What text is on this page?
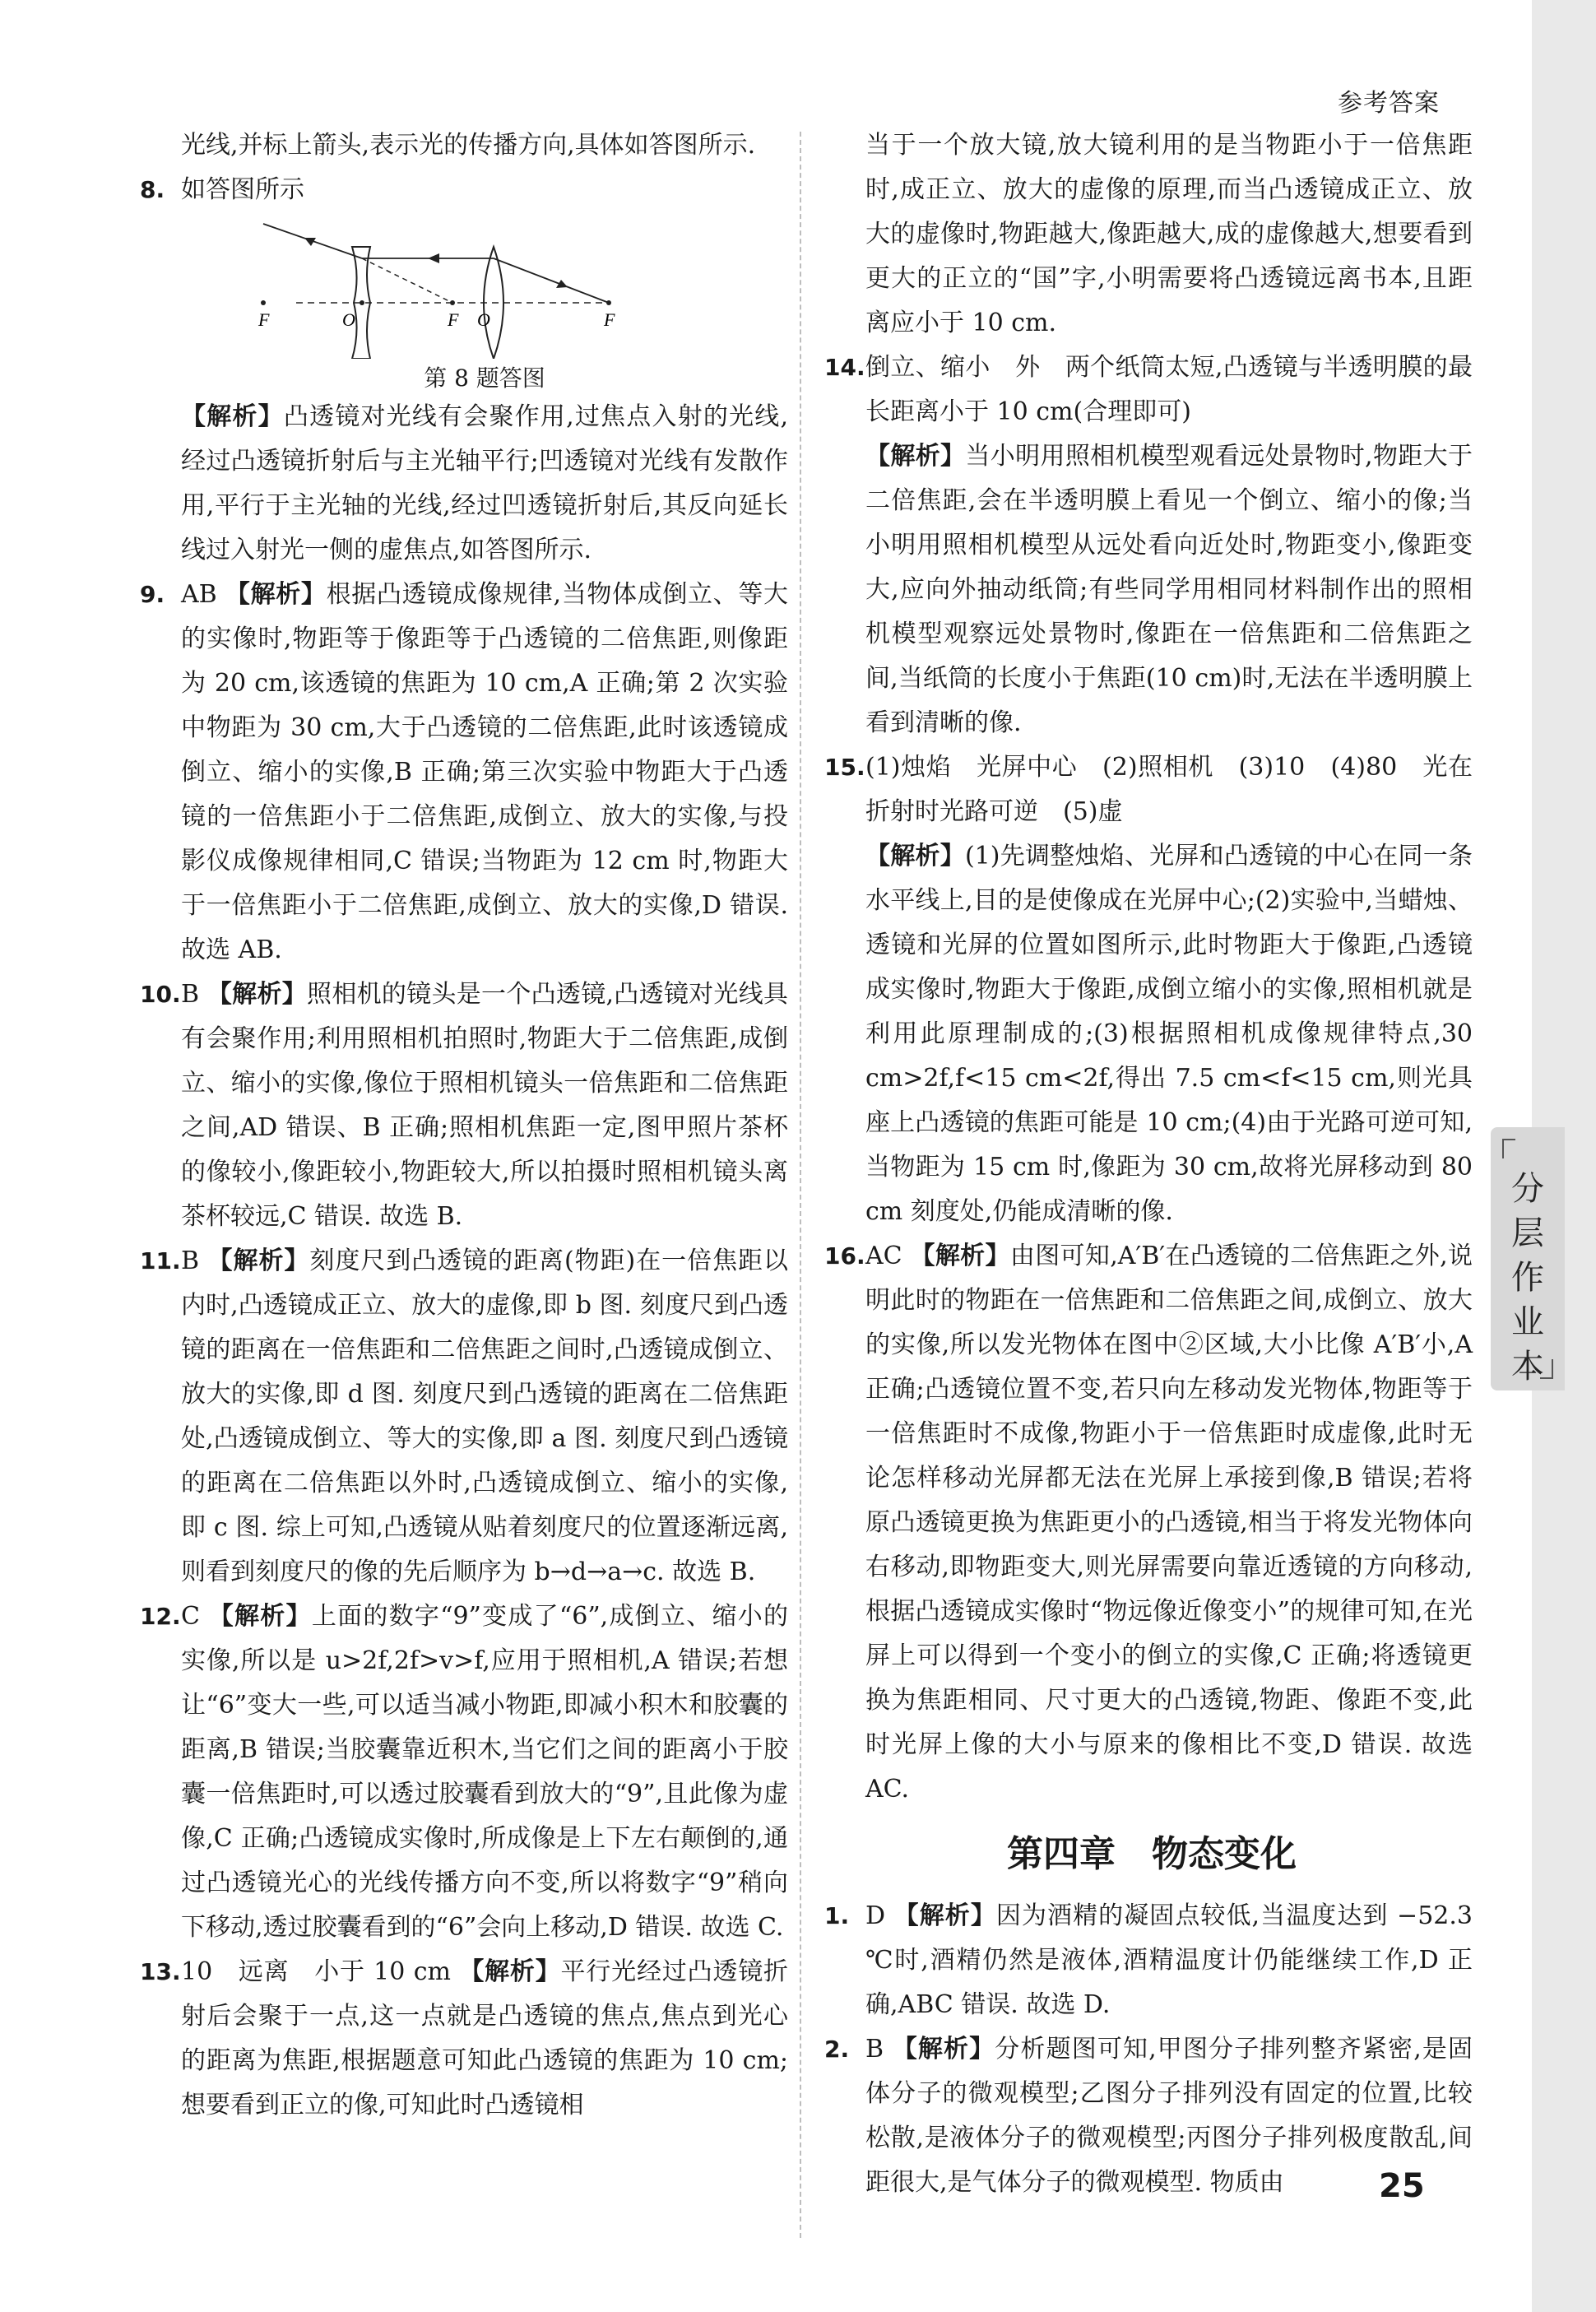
参考答案

光线,并标上箭头,表示光的传播方向,具体如答图所示.

8. 如答图所示
F	O	F O	F
第 8 题答图

【解析】凸透镜对光线有会聚作用,过焦点入射的光线,经过凸透镜折射后与主光轴平行;凹透镜对光线有发散作用,平行于主光轴的光线,经过凹透镜折射后,其反向延长线过入射光一侧的虚焦点,如答图所示.

9. AB 【解析】根据凸透镜成像规律,当物体成倒立、等大的实像时,物距等于像距等于凸透镜的二倍焦距,则像距为 20 cm,该透镜的焦距为 10 cm,A 正确;第 2 次实验中物距为 30 cm,大于凸透镜的二倍焦距,此时该透镜成倒立、缩小的实像,B 正确;第三次实验中物距大于凸透镜的一倍焦距小于二倍焦距,成倒立、放大的实像,与投影仪成像规律相同,C 错误;当物距为 12 cm 时,物距大于一倍焦距小于二倍焦距,成倒立、放大的实像,D 错误. 故选 AB.
10. B 【解析】照相机的镜头是一个凸透镜,凸透镜对光线具有会聚作用;利用照相机拍照时,物距大于二倍焦距,成倒立、缩小的实像,像位于照相机镜头一倍焦距和二倍焦距之间,AD 错误、B 正确;照相机焦距一定,图甲照片茶杯的像较小,像距较小,物距较大,所以拍摄时照相机镜头离茶杯较远,C 错误. 故选 B.
11. B 【解析】刻度尺到凸透镜的距离(物距)在一倍焦距以内时,凸透镜成正立、放大的虚像,即 b 图. 刻度尺到凸透镜的距离在一倍焦距和二倍焦距之间时,凸透镜成倒立、放大的实像,即 d 图. 刻度尺到凸透镜的距离在二倍焦距处,凸透镜成倒立、等大的实像,即 a 图. 刻度尺到凸透镜的距离在二倍焦距以外时,凸透镜成倒立、缩小的实像,即 c 图. 综上可知,凸透镜从贴着刻度尺的位置逐渐远离,则看到刻度尺的像的先后顺序为 b→d→a→c. 故选 B.
12. C 【解析】上面的数字“9”变成了“6”,成倒立、缩小的实像,所以是 u>2f,2f>v>f,应用于照相机,A 错误;若想让“6”变大一些,可以适当减小物距,即减小积木和胶囊的距离,B 错误;当胶囊靠近积木,当它们之间的距离小于胶囊一倍焦距时,可以透过胶囊看到放大的“9”,且此像为虚像,C 正确;凸透镜成实像时,所成像是上下左右颠倒的,通过凸透镜光心的光线传播方向不变,所以将数字“9”稍向下移动,透过胶囊看到的“6”会向上移动,D 错误. 故选 C.
13. 10　远离　小于 10 cm 【解析】平行光经过凸透镜折射后会聚于一点,这一点就是凸透镜的焦点,焦点到光心的距离为焦距,根据题意可知此凸透镜的焦距为 10 cm;想要看到正立的像,可知此时凸透镜相

当于一个放大镜,放大镜利用的是当物距小于一倍焦距时,成正立、放大的虚像的原理,而当凸透镜成正立、放大的虚像时,物距越大,像距越大,成的虚像越大,想要看到更大的正立的“国”字,小明需要将凸透镜远离书本,且距离应小于 10 cm.

14. 倒立、缩小　外　两个纸筒太短,凸透镜与半透明膜的最长距离小于 10 cm(合理即可)
【解析】当小明用照相机模型观看远处景物时,物距大于二倍焦距,会在半透明膜上看见一个倒立、缩小的像;当小明用照相机模型从远处看向近处时,物距变小,像距变大,应向外抽动纸筒;有些同学用相同材料制作出的照相机模型观察远处景物时,像距在一倍焦距和二倍焦距之间,当纸筒的长度小于焦距(10 cm)时,无法在半透明膜上看到清晰的像.
15. (1)烛焰　光屏中心　(2)照相机　(3)10　(4)80　光在折射时光路可逆　(5)虚
【解析】(1)先调整烛焰、光屏和凸透镜的中心在同一条水平线上,目的是使像成在光屏中心;(2)实验中,当蜡烛、透镜和光屏的位置如图所示,此时物距大于像距,凸透镜成实像时,物距大于像距,成倒立缩小的实像,照相机就是利用此原理制成的;(3)根据照相机成像规律特点,30 cm>2f,f<15 cm<2f,得出 7.5 cm<f<15 cm,则光具座上凸透镜的焦距可能是 10 cm;(4)由于光路可逆可知,当物距为 15 cm 时,像距为 30 cm,故将光屏移动到 80 cm 刻度处,仍能成清晰的像.
16. AC 【解析】由图可知,A′B′在凸透镜的二倍焦距之外,说明此时的物距在一倍焦距和二倍焦距之间,成倒立、放大的实像,所以发光物体在图中②区域,大小比像 A′B′小,A 正确;凸透镜位置不变,若只向左移动发光物体,物距等于一倍焦距时不成像,物距小于一倍焦距时成虚像,此时无论怎样移动光屏都无法在光屏上承接到像,B 错误;若将原凸透镜更换为焦距更小的凸透镜,相当于将发光物体向右移动,即物距变大,则光屏需要向靠近透镜的方向移动,根据凸透镜成实像时“物远像近像变小”的规律可知,在光屏上可以得到一个变小的倒立的实像,C 正确;将透镜更换为焦距相同、尺寸更大的凸透镜,物距、像距不变,此时光屏上像的大小与原来的像相比不变,D 错误. 故选 AC.
第四章　物态变化
1. D 【解析】因为酒精的凝固点较低,当温度达到 −52.3 ℃时,酒精仍然是液体,酒精温度计仍能继续工作,D 正确,ABC 错误. 故选 D.
2. B 【解析】分析题图可知,甲图分子排列整齐紧密,是固体分子的微观模型;乙图分子排列没有固定的位置,比较松散,是液体分子的微观模型;丙图分子排列极度散乱,间距很大,是气体分子的微观模型. 物质由	25
分层作业本
